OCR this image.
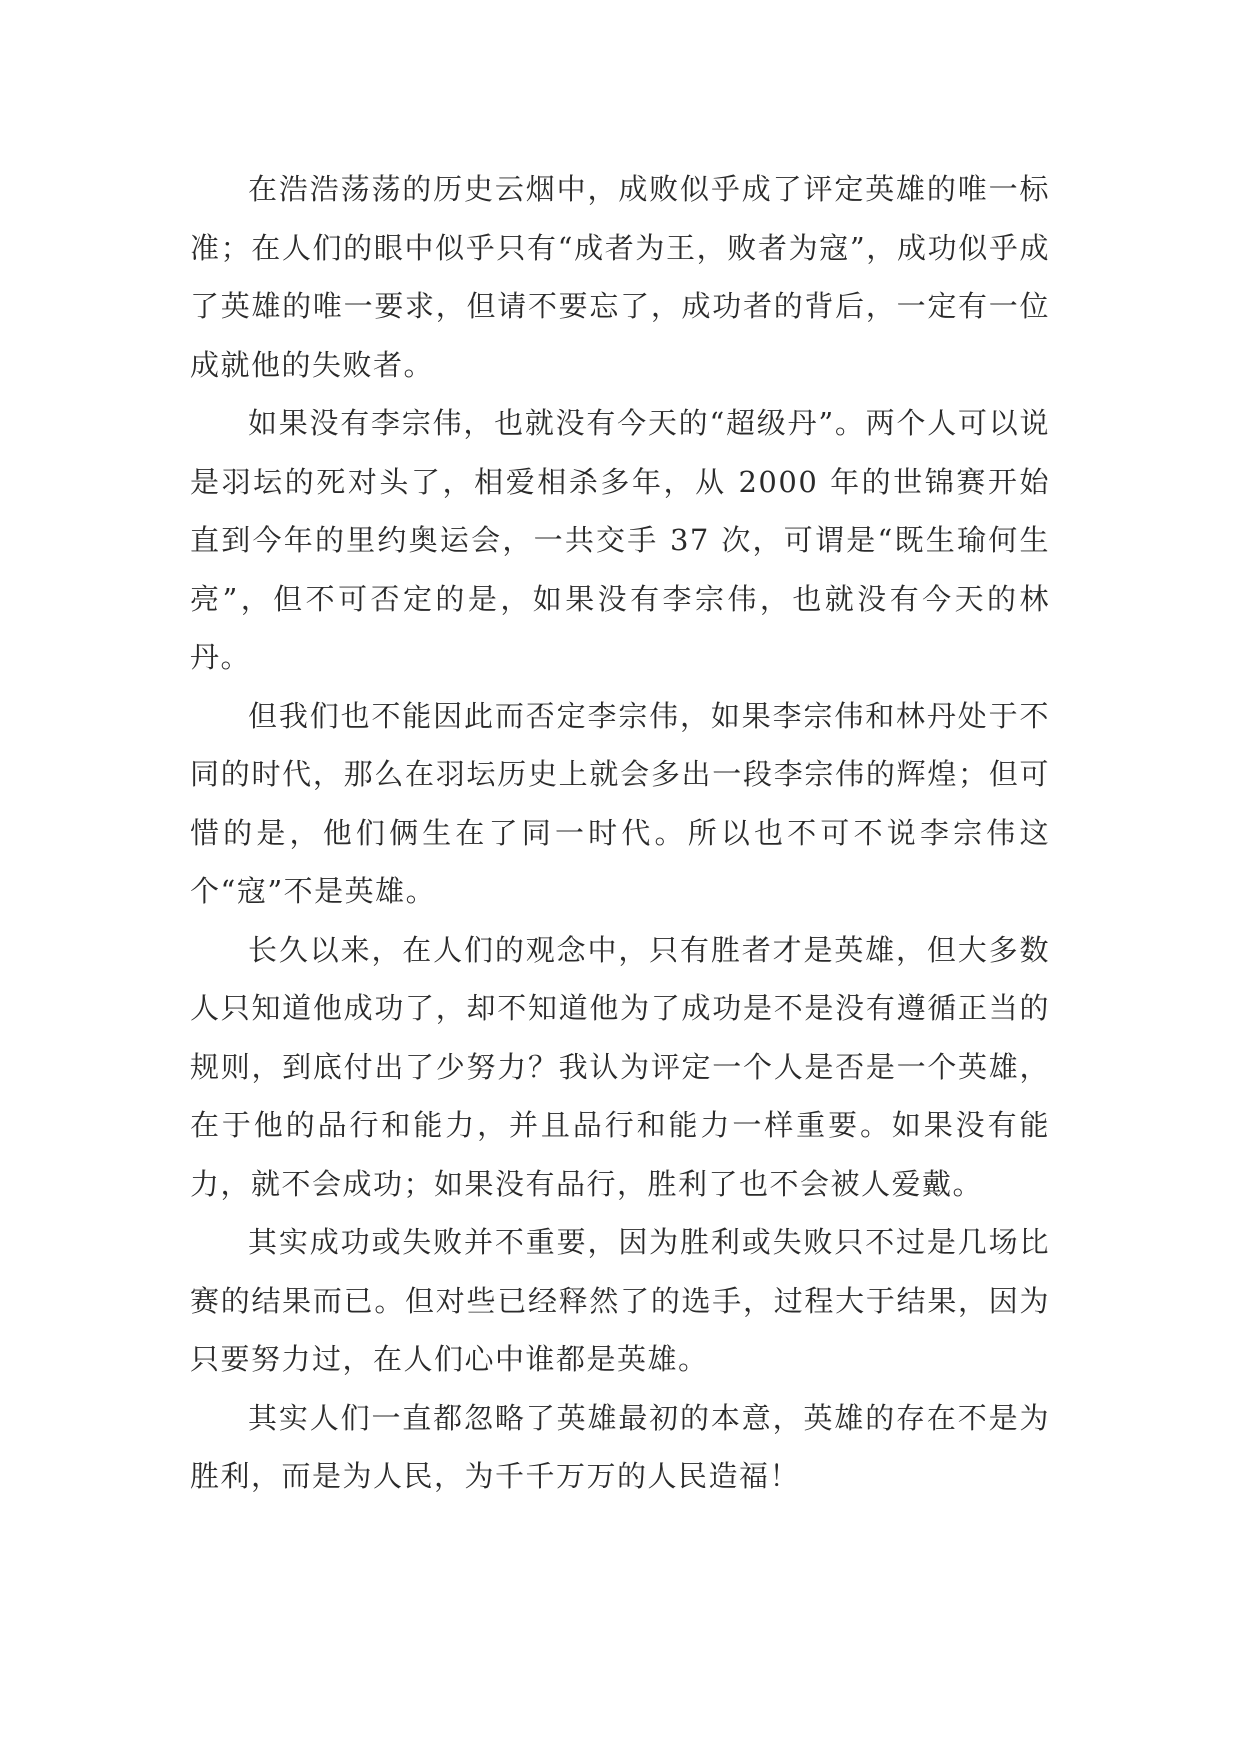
在浩浩荡荡的历史云烟中，成败似乎成了评定英雄的唯一标准；在人们的眼中似乎只有“成者为王，败者为寇”，成功似乎成了英雄的唯一要求，但请不要忘了，成功者的背后，一定有一位成就他的失败者。

如果没有李宗伟，也就没有今天的“超级丹”。两个人可以说是羽坛的死对头了，相爱相杀多年，从 2000 年的世锦赛开始直到今年的里约奥运会，一共交手 37 次，可谓是“既生瑜何生亮”，但不可否定的是，如果没有李宗伟，也就没有今天的林丹。

但我们也不能因此而否定李宗伟，如果李宗伟和林丹处于不同的时代，那么在羽坛历史上就会多出一段李宗伟的辉煌；但可惜的是，他们俩生在了同一时代。所以也不可不说李宗伟这个“寇”不是英雄。

长久以来，在人们的观念中，只有胜者才是英雄，但大多数人只知道他成功了，却不知道他为了成功是不是没有遵循正当的规则，到底付出了少努力？我认为评定一个人是否是一个英雄，在于他的品行和能力，并且品行和能力一样重要。如果没有能力，就不会成功；如果没有品行，胜利了也不会被人爱戴。

其实成功或失败并不重要，因为胜利或失败只不过是几场比赛的结果而已。但对些已经释然了的选手，过程大于结果，因为只要努力过，在人们心中谁都是英雄。

其实人们一直都忽略了英雄最初的本意，英雄的存在不是为胜利，而是为人民，为千千万万的人民造福！
